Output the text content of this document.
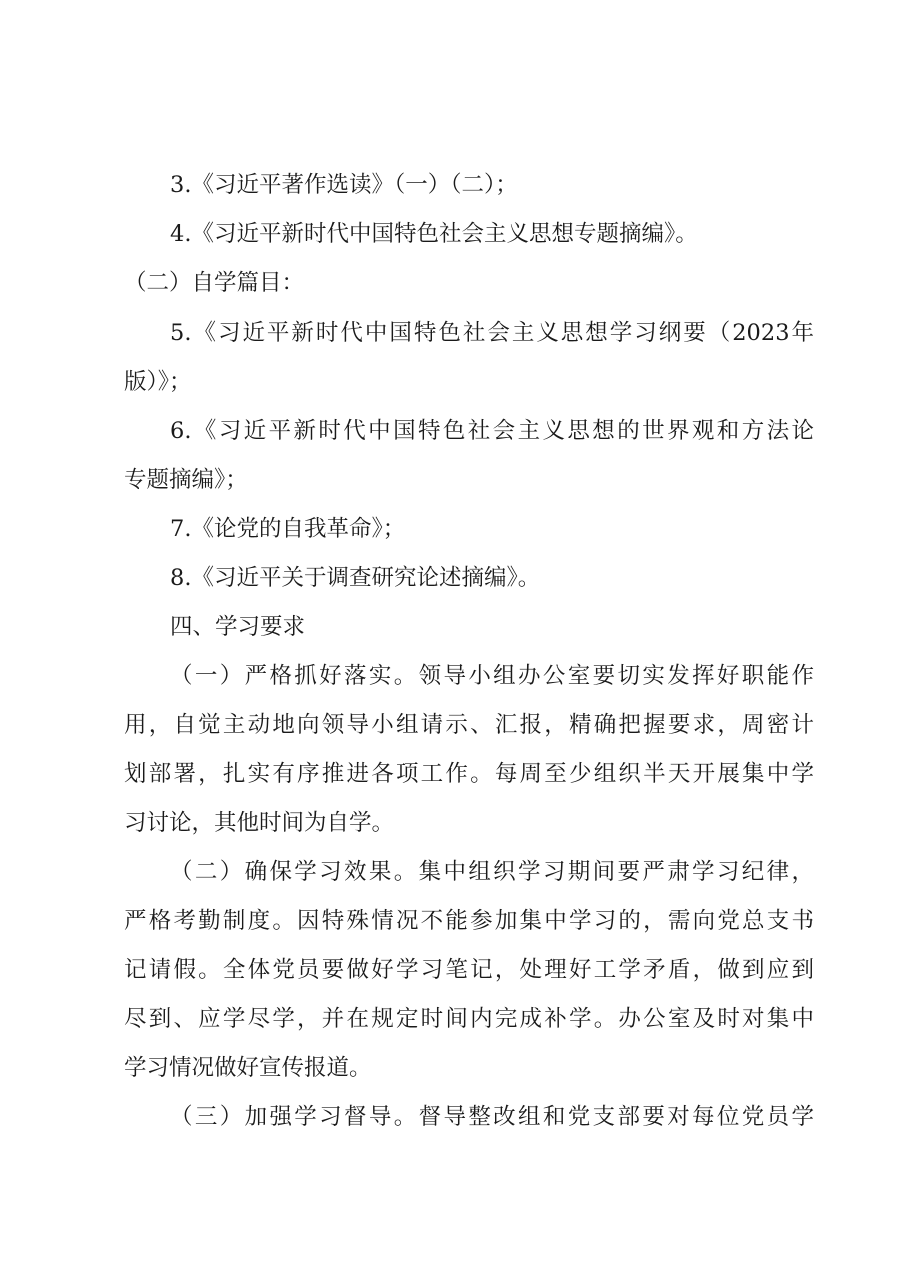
3.《习近平著作选读》（一）（二）；
4.《习近平新时代中国特色社会主义思想专题摘编》。
（二）自学篇目：
5.《习近平新时代中国特色社会主义思想学习纲要（2023年
版）》；
6.《习近平新时代中国特色社会主义思想的世界观和方法论
专题摘编》；
7.《论党的自我革命》；
8.《习近平关于调查研究论述摘编》。
四、学习要求
（一）严格抓好落实。领导小组办公室要切实发挥好职能作
用，自觉主动地向领导小组请示、汇报，精确把握要求，周密计
划部署，扎实有序推进各项工作。每周至少组织半天开展集中学
习讨论，其他时间为自学。
（二）确保学习效果。集中组织学习期间要严肃学习纪律，
严格考勤制度。因特殊情况不能参加集中学习的，需向党总支书
记请假。全体党员要做好学习笔记，处理好工学矛盾，做到应到
尽到、应学尽学，并在规定时间内完成补学。办公室及时对集中
学习情况做好宣传报道。
（三）加强学习督导。督导整改组和党支部要对每位党员学
